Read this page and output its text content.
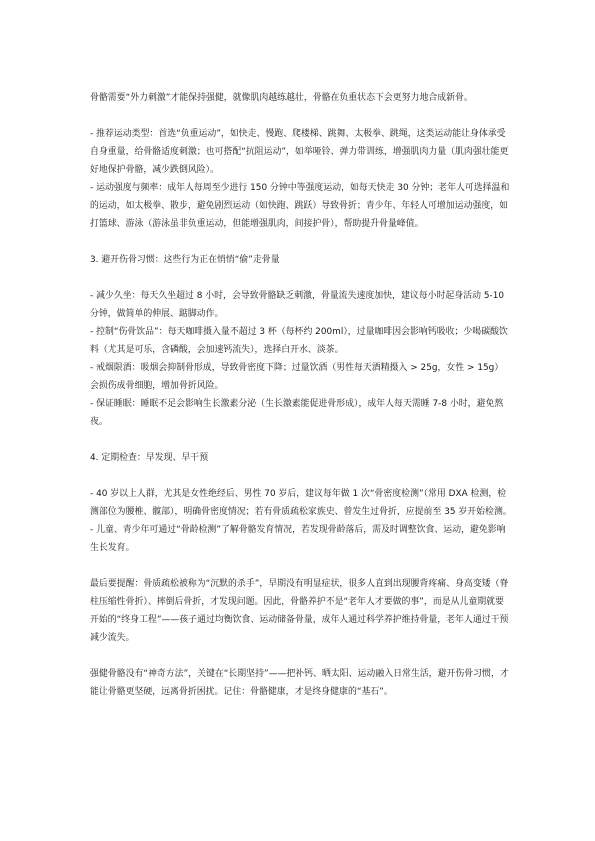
骨骼需要“外力刺激”才能保持强健，就像肌肉越练越壮，骨骼在负重状态下会更努力地合成新骨。

- 推荐运动类型：首选“负重运动”，如快走、慢跑、爬楼梯、跳舞、太极拳、跳绳，这类运动能让身体承受自身重量，给骨骼适度刺激；也可搭配“抗阻运动”，如举哑铃、弹力带训练，增强肌肉力量（肌肉强壮能更好地保护骨骼，减少跌倒风险）。

- 运动强度与频率：成年人每周至少进行 150 分钟中等强度运动，如每天快走 30 分钟；老年人可选择温和的运动，如太极拳、散步，避免剧烈运动（如快跑、跳跃）导致骨折；青少年、年轻人可增加运动强度，如打篮球、游泳（游泳虽非负重运动，但能增强肌肉，间接护骨），帮助提升骨量峰值。

3. 避开伤骨习惯：这些行为正在悄悄“偷”走骨量

- 减少久坐：每天久坐超过 8 小时，会导致骨骼缺乏刺激，骨量流失速度加快，建议每小时起身活动 5-10 分钟，做简单的伸展、踮脚动作。

- 控制“伤骨饮品”：每天咖啡摄入量不超过 3 杯（每杯约 200ml），过量咖啡因会影响钙吸收；少喝碳酸饮料（尤其是可乐，含磷酸，会加速钙流失），选择白开水、淡茶。

- 戒烟限酒：吸烟会抑制骨形成，导致骨密度下降；过量饮酒（男性每天酒精摄入 > 25g，女性 > 15g）会损伤成骨细胞，增加骨折风险。

- 保证睡眠：睡眠不足会影响生长激素分泌（生长激素能促进骨形成），成年人每天需睡 7-8 小时，避免熬夜。

4. 定期检查：早发现、早干预

- 40 岁以上人群，尤其是女性绝经后、男性 70 岁后，建议每年做 1 次“骨密度检测”（常用 DXA 检测，检测部位为腰椎、髋部），明确骨密度情况；若有骨质疏松家族史、曾发生过骨折，应提前至 35 岁开始检测。

- 儿童、青少年可通过“骨龄检测”了解骨骼发育情况，若发现骨龄落后，需及时调整饮食、运动，避免影响生长发育。

最后要提醒：骨质疏松被称为“沉默的杀手”，早期没有明显症状，很多人直到出现腰背疼痛、身高变矮（脊柱压缩性骨折）、摔倒后骨折，才发现问题。因此，骨骼养护不是“老年人才要做的事”，而是从儿童期就要开始的“终身工程”——孩子通过均衡饮食、运动储备骨量，成年人通过科学养护维持骨量，老年人通过干预减少流失。

强健骨骼没有“神奇方法”，关键在“长期坚持”——把补钙、晒太阳、运动融入日常生活，避开伤骨习惯，才能让骨骼更坚硬，远离骨折困扰。记住：骨骼健康，才是终身健康的“基石”。
